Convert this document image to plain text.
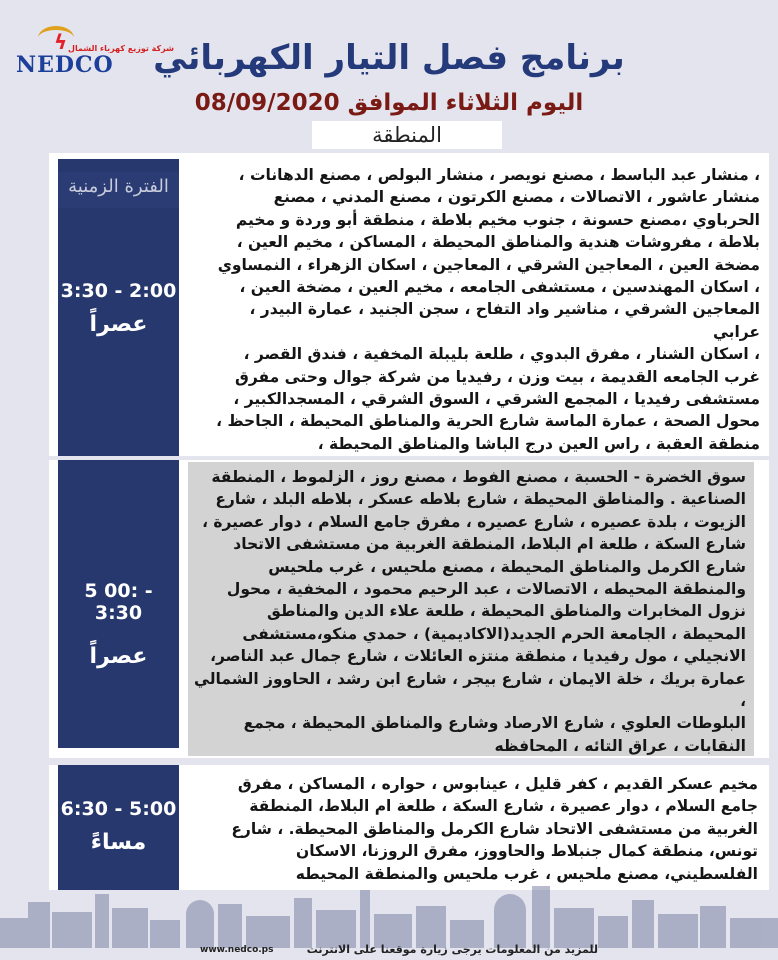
ϟ شركة توزيع كهرباء الشمال
NEDCO	برنامج فصل التيار الكهربائي
اليوم الثلاثاء الموافق 08/09/2020
المنطقة
الفترة الزمنية
3:30 - 2:00
عصراً
، منشار عبد الباسط ، مصنع نويصر ، منشار البولص ، مصنع الدهانات ،
منشار عاشور ، الاتصالات ، مصنع الكرتون ، مصنع المدني ، مصنع
الحرباوي ،مصنع حسونة ، جنوب مخيم بلاطة ، منطقة أبو وردة و مخيم
بلاطة ، مفروشات هندية والمناطق المحيطة ، المساكن ، مخيم العين ،
مضخة العين ، المعاجين الشرقي ، المعاجين ، اسكان الزهراء ، النمساوي
، اسكان المهندسين ، مستشفى الجامعه ، مخيم العين ، مضخة العين ،
المعاجين الشرقي ، مناشير واد التفاح ، سجن الجنيد ، عمارة البيدر ، عرابي
، اسكان الشنار ، مفرق البدوي ، طلعة بليبلة المخفية ، فندق القصر ،
غرب الجامعه القديمة ، بيت وزن ، رفيديا من شركة جوال وحتى مفرق
مستشفى رفيديا ، المجمع الشرقي ، السوق الشرقي ، المسجدالكبير ،
محول الصحة ، عمارة الماسة شارع الحرية والمناطق المحيطة ، الجاحظ ،
منطقة العقبة ، راس العين درج الباشا والمناطق المحيطة ،
5 00: - 3:30
عصراً
سوق الخضرة - الحسبة ، مصنع الفوط ، مصنع روز ، الزلموط ، المنطقة
الصناعية . والمناطق المحيطة ، شارع بلاطه عسكر ، بلاطه البلد ، شارع
الزيوت ، بلدة عصيره ، شارع عصيره ، مفرق جامع السلام ، دوار عصيرة ،
شارع السكة ، طلعة ام البلاط، المنطقة الغربية من مستشفى الاتحاد
شارع الكرمل والمناطق المحيطة ، مصنع ملحيس ، غرب ملحيس
والمنطقة المحيطه ، الاتصالات ، عبد الرحيم محمود ، المخفية ، محول
نزول المخابرات والمناطق المحيطة ، طلعة علاء الدين والمناطق
المحيطة ، الجامعة الحرم الجديد(الاكاديمية) ، حمدي منكو،مستشفى
الانجيلي ، مول رفيديا ، منطقة منتزه العائلات ، شارع جمال عبد الناصر،
عمارة بريك ، خلة الايمان ، شارع بيجر ، شارع ابن رشد ، الحاووز الشمالي ،
البلوطات العلوي ، شارع الارصاد وشارع والمناطق المحيطة ، مجمع
النقابات ، عراق التائه ، المحافظه
6:30 - 5:00
مساءً
مخيم عسكر القديم ، كفر قليل ، عينابوس ، حواره ، المساكن ، مفرق
جامع السلام ، دوار عصيرة ، شارع السكة ، طلعة ام البلاط، المنطقة
الغربية من مستشفى الاتحاد شارع الكرمل والمناطق المحيطة. ، شارع
تونس، منطقة كمال جنبلاط والحاووز، مفرق الروزنا، الاسكان
الفلسطيني، مصنع ملحيس ، غرب ملحيس والمنطقة المحيطه
www.nedco.ps	للمزيد من المعلومات يرجى زيارة موقعنا على الانترنت
